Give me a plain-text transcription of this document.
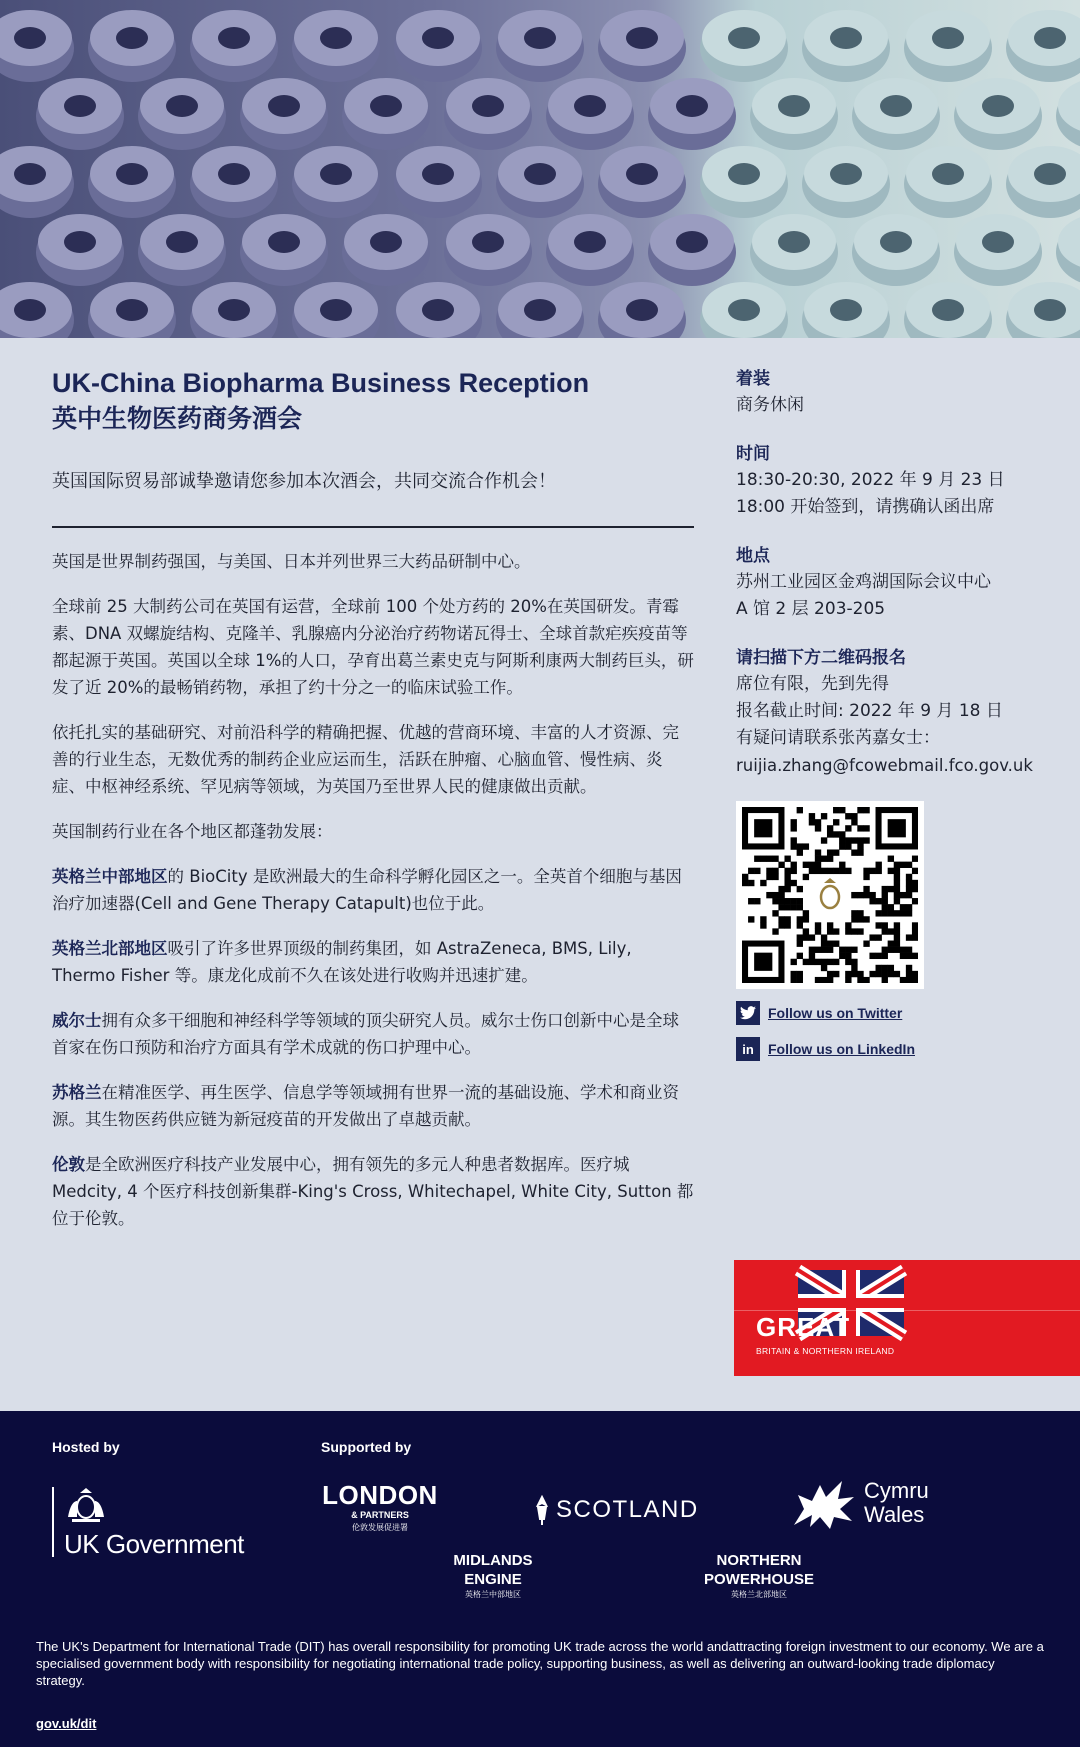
UK-China Biopharma Business Reception
英中生物医药商务酒会
英国国际贸易部诚挚邀请您参加本次酒会，共同交流合作机会！
英国是世界制药强国，与美国、日本并列世界三大药品研制中心。
全球前 25 大制药公司在英国有运营，全球前 100 个处方药的 20%在英国研发。青霉素、DNA 双螺旋结构、克隆羊、乳腺癌内分泌治疗药物诺瓦得士、全球首款疟疾疫苗等都起源于英国。英国以全球 1%的人口，孕育出葛兰素史克与阿斯利康两大制药巨头，研发了近 20%的最畅销药物，承担了约十分之一的临床试验工作。
依托扎实的基础研究、对前沿科学的精确把握、优越的营商环境、丰富的人才资源、完善的行业生态，无数优秀的制药企业应运而生，活跃在肿瘤、心脑血管、慢性病、炎症、中枢神经系统、罕见病等领域，为英国乃至世界人民的健康做出贡献。
英国制药行业在各个地区都蓬勃发展：
英格兰中部地区的 BioCity 是欧洲最大的生命科学孵化园区之一。全英首个细胞与基因治疗加速器(Cell and Gene Therapy Catapult)也位于此。
英格兰北部地区吸引了许多世界顶级的制药集团，如 AstraZeneca, BMS, Lily, Thermo Fisher 等。康龙化成前不久在该处进行收购并迅速扩建。
威尔士拥有众多干细胞和神经科学等领域的顶尖研究人员。威尔士伤口创新中心是全球首家在伤口预防和治疗方面具有学术成就的伤口护理中心。
苏格兰在精准医学、再生医学、信息学等领域拥有世界一流的基础设施、学术和商业资源。其生物医药供应链为新冠疫苗的开发做出了卓越贡献。
伦敦是全欧洲医疗科技产业发展中心，拥有领先的多元人种患者数据库。医疗城 Medcity, 4 个医疗科技创新集群-King's Cross, Whitechapel, White City, Sutton 都位于伦敦。
着装
商务休闲
时间
18:30-20:30, 2022 年 9 月 23 日
18:00 开始签到，请携确认函出席
地点
苏州工业园区金鸡湖国际会议中心
A 馆 2 层 203-205
请扫描下方二维码报名
席位有限，先到先得
报名截止时间: 2022 年 9 月 18 日
有疑问请联系张芮嘉女士：
ruijia.zhang@fcowebmail.fco.gov.uk
Follow us on Twitter
in	Follow us on LinkedIn
GREAT
BRITAIN & NORTHERN IRELAND
Hosted by	Supported by
UK Government
LONDON
& PARTNERS
伦敦发展促进署
SCOTLAND
Cymru
Wales
MIDLANDS
ENGINE
英格兰中部地区
NORTHERN
POWERHOUSE
英格兰北部地区
The UK's Department for International Trade (DIT) has overall responsibility for promoting UK trade across the world andattracting foreign investment to our economy. We are a specialised government body with responsibility for negotiating international trade policy, supporting business, as well as delivering an outward-looking trade diplomacy strategy.
gov.uk/dit
